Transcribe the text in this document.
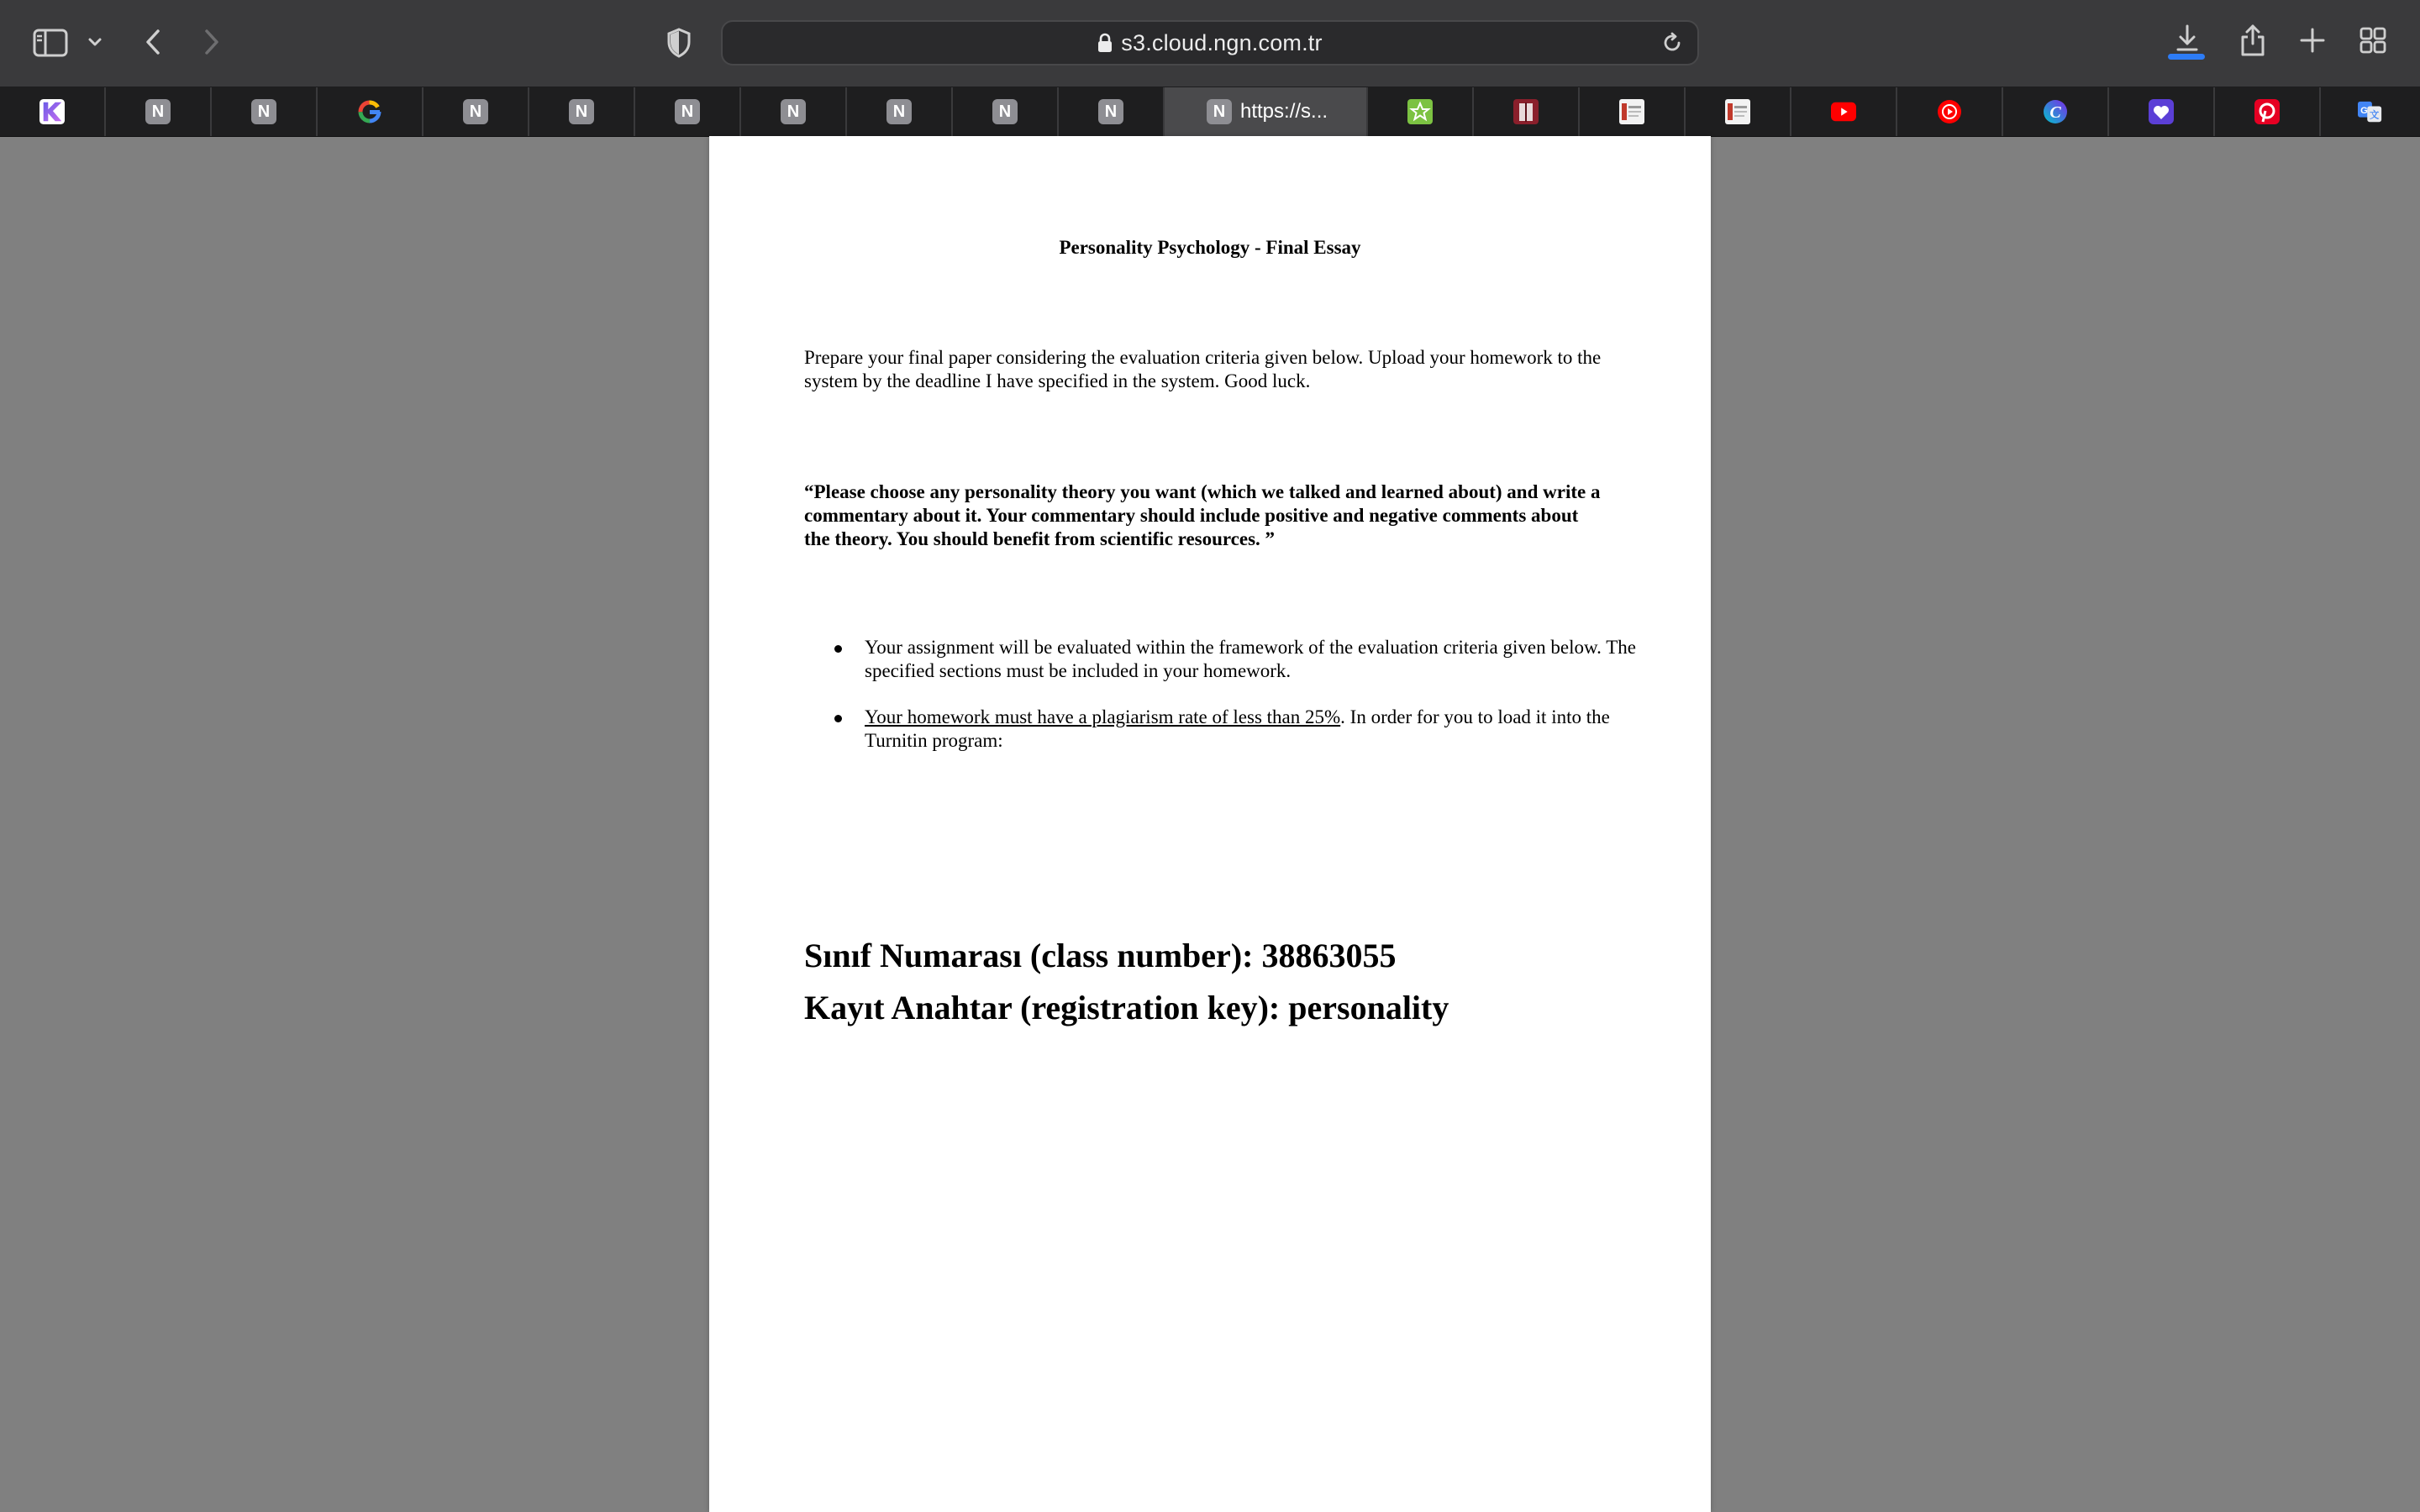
s3.cloud.ngn.com.tr
N	N	N	N	N	N	N	N	N	N https://s...	C	G 文
Personality Psychology - Final Essay
Prepare your final paper considering the evaluation criteria given below. Upload your homework to the system by the deadline I have specified in the system. Good luck.
“Please choose any personality theory you want (which we talked and learned about) and write a commentary about it. Your commentary should include positive and negative comments about the theory. You should benefit from scientific resources. ”
Your assignment will be evaluated within the framework of the evaluation criteria given below. The specified sections must be included in your homework.
Your homework must have a plagiarism rate of less than 25%. In order for you to load it into the Turnitin program:
Sınıf Numarası (class number): 38863055
Kayıt Anahtar (registration key): personality
